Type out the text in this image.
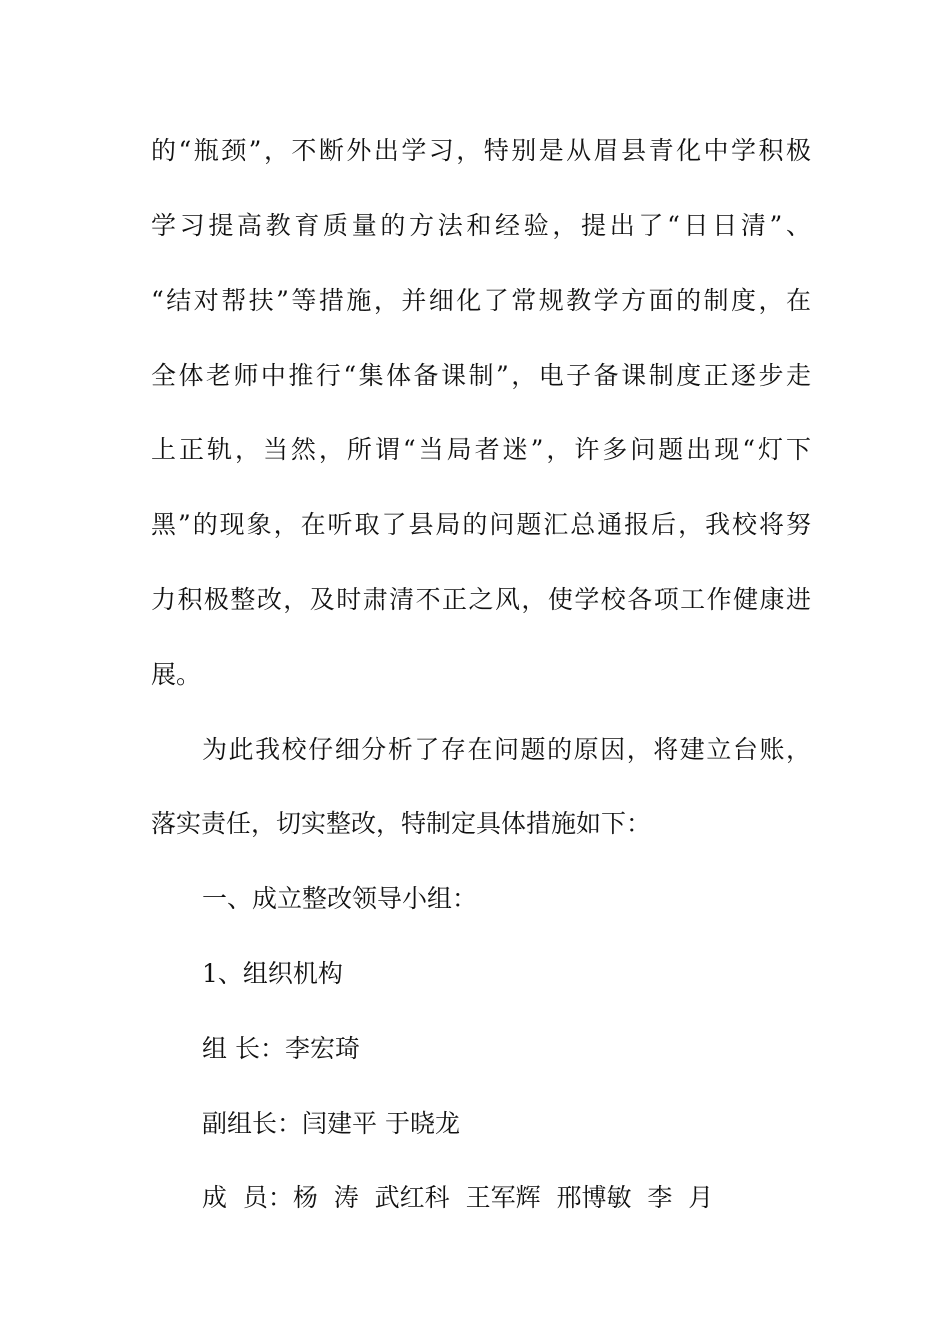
的“瓶颈”，不断外出学习，特别是从眉县青化中学积极
学习提高教育质量的方法和经验，提出了“日日清”、
“结对帮扶”等措施，并细化了常规教学方面的制度，在
全体老师中推行“集体备课制”，电子备课制度正逐步走
上正轨，当然，所谓“当局者迷”，许多问题出现“灯下
黑”的现象，在听取了县局的问题汇总通报后，我校将努
力积极整改，及时肃清不正之风，使学校各项工作健康进
展。
为此我校仔细分析了存在问题的原因，将建立台账，
落实责任，切实整改，特制定具体措施如下：
一、成立整改领导小组：
1、组织机构
组 长：李宏琦
副组长：闫建平 于晓龙
成  员：杨  涛  武红科  王军辉  邢博敏  李  月
